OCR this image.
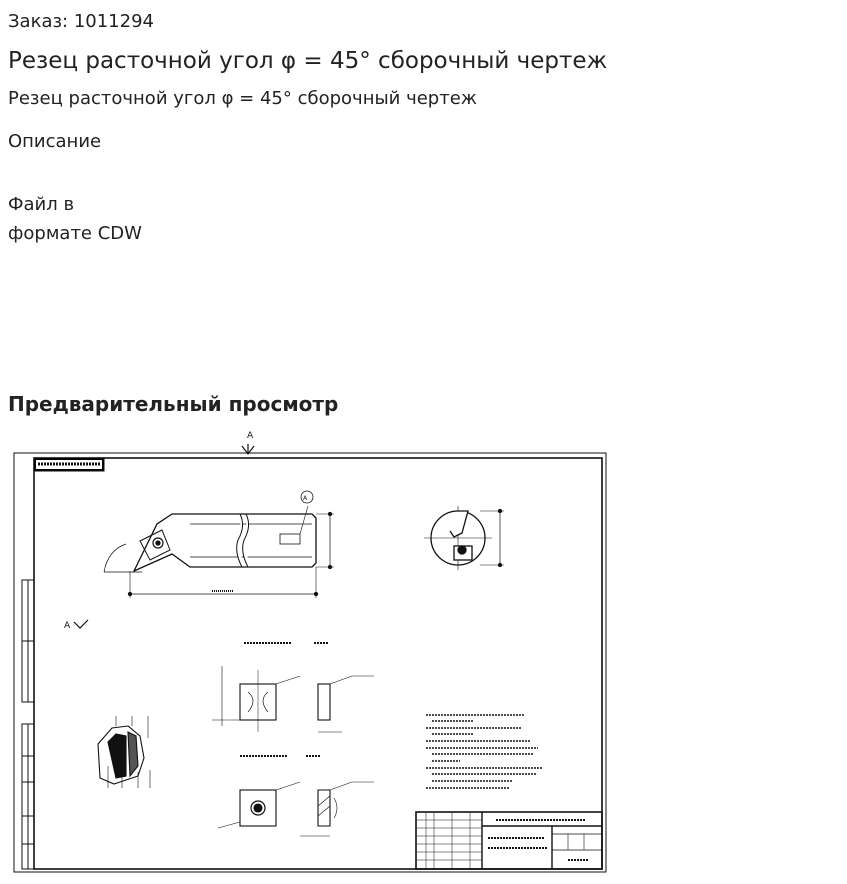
Заказ: 1011294
Резец расточной угол φ = 45° сборочный чертеж
Резец расточной угол φ = 45° сборочный чертеж
Описание
Файл в
формате CDW
Предварительный просмотр
A
A
A
